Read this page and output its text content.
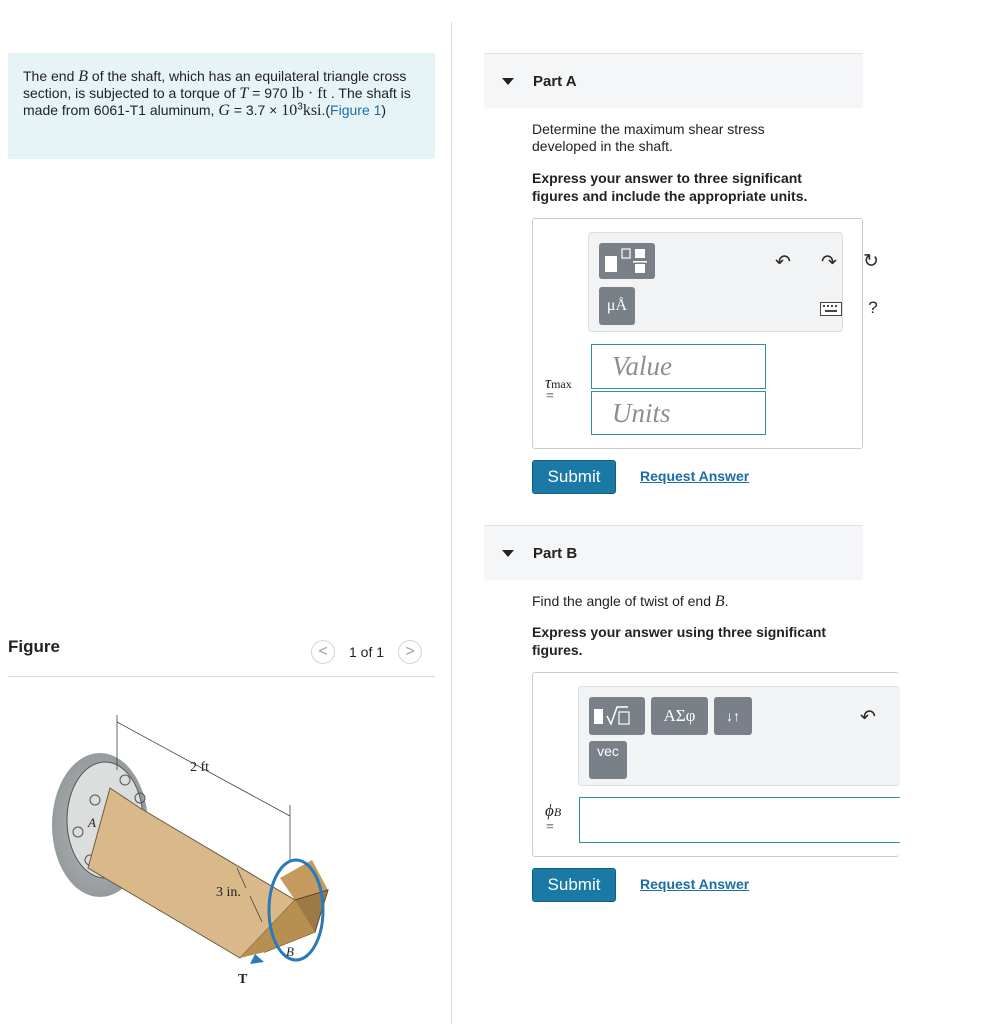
The end B of the shaft, which has an equilateral triangle cross section, is subjected to a torque of T = 970 lb · ft . The shaft is made from 6061-T1 aluminum, $G = 3.7 \times 10^3ksi.(Figure$ 1)
Figure	< 1 of 1 >
2 ft
3 in.
A
B
T
Part A
Determine the maximum shear stress developed in the shaft.
Express your answer to three significant figures and include the appropriate units.
μÅ
↶ ↷ ↻
?
τmax
=
Value
Units
Submit	Request Answer
Part B
Find the angle of twist of end B.
Express your answer using three significant figures.
ΑΣφ	↓↑
vec
↶
ϕB
=
Submit	Request Answer
